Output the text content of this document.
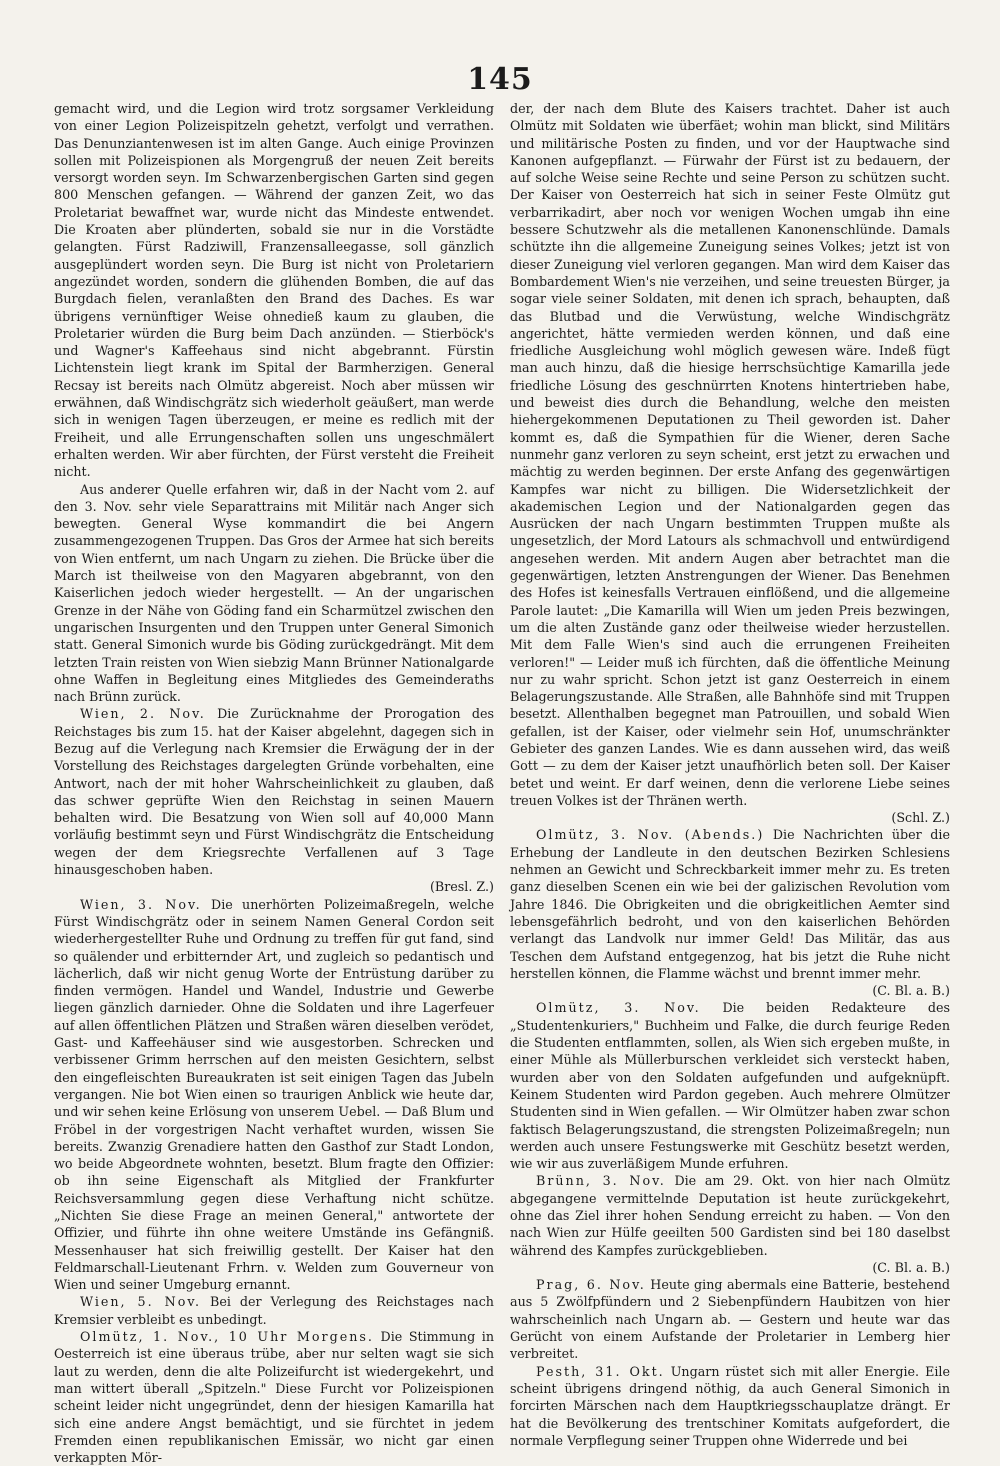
145

gemacht wird, und die Legion wird trotz sorgsamer Verkleidung von einer Legion Polizeispitzeln gehetzt, verfolgt und verrathen. Das Denunziantenwesen ist im alten Gange. Auch einige Provinzen sollen mit Polizeispionen als Morgengruß der neuen Zeit bereits versorgt worden seyn. Im Schwarzenbergischen Garten sind gegen 800 Menschen gefangen. — Während der ganzen Zeit, wo das Proletariat bewaffnet war, wurde nicht das Mindeste entwendet. Die Kroaten aber plünderten, sobald sie nur in die Vorstädte gelangten. Fürst Radziwill, Franzensalleegasse, soll gänzlich ausgeplündert worden seyn. Die Burg ist nicht von Proletariern angezündet worden, sondern die glühenden Bomben, die auf das Burgdach fielen, veranlaßten den Brand des Daches. Es war übrigens vernünftiger Weise ohnedieß kaum zu glauben, die Proletarier würden die Burg beim Dach anzünden. — Stierböck's und Wagner's Kaffeehaus sind nicht abgebrannt. Fürstin Lichtenstein liegt krank im Spital der Barmherzigen. General Recsay ist bereits nach Olmütz abgereist. Noch aber müssen wir erwähnen, daß Windischgrätz sich wiederholt geäußert, man werde sich in wenigen Tagen überzeugen, er meine es redlich mit der Freiheit, und alle Errungenschaften sollen uns ungeschmälert erhalten werden. Wir aber fürchten, der Fürst versteht die Freiheit nicht.

Aus anderer Quelle erfahren wir, daß in der Nacht vom 2. auf den 3. Nov. sehr viele Separattrains mit Militär nach Anger sich bewegten. General Wyse kommandirt die bei Angern zusammengezogenen Truppen. Das Gros der Armee hat sich bereits von Wien entfernt, um nach Ungarn zu ziehen. Die Brücke über die March ist theilweise von den Magyaren abgebrannt, von den Kaiserlichen jedoch wieder hergestellt. — An der ungarischen Grenze in der Nähe von Göding fand ein Scharmützel zwischen den ungarischen Insurgenten und den Truppen unter General Simonich statt. General Simonich wurde bis Göding zurückgedrängt. Mit dem letzten Train reisten von Wien siebzig Mann Brünner Nationalgarde ohne Waffen in Begleitung eines Mitgliedes des Gemeinderaths nach Brünn zurück.

Wien, 2. Nov. Die Zurücknahme der Prorogation des Reichstages bis zum 15. hat der Kaiser abgelehnt, dagegen sich in Bezug auf die Verlegung nach Kremsier die Erwägung der in der Vorstellung des Reichstages dargelegten Gründe vorbehalten, eine Antwort, nach der mit hoher Wahrscheinlichkeit zu glauben, daß das schwer geprüfte Wien den Reichstag in seinen Mauern behalten wird. Die Besatzung von Wien soll auf 40,000 Mann vorläufig bestimmt seyn und Fürst Windischgrätz die Entscheidung wegen der dem Kriegsrechte Verfallenen auf 3 Tage hinausgeschoben haben.
(Bresl. Z.)

Wien, 3. Nov. Die unerhörten Polizeimaßregeln, welche Fürst Windischgrätz oder in seinem Namen General Cordon seit wiederhergestellter Ruhe und Ordnung zu treffen für gut fand, sind so quälender und erbitternder Art, und zugleich so pedantisch und lächerlich, daß wir nicht genug Worte der Entrüstung darüber zu finden vermögen. Handel und Wandel, Industrie und Gewerbe liegen gänzlich darnieder. Ohne die Soldaten und ihre Lagerfeuer auf allen öffentlichen Plätzen und Straßen wären dieselben verödet, Gast- und Kaffeehäuser sind wie ausgestorben. Schrecken und verbissener Grimm herrschen auf den meisten Gesichtern, selbst den eingefleischten Bureaukraten ist seit einigen Tagen das Jubeln vergangen. Nie bot Wien einen so traurigen Anblick wie heute dar, und wir sehen keine Erlösung von unserem Uebel. — Daß Blum und Fröbel in der vorgestrigen Nacht verhaftet wurden, wissen Sie bereits. Zwanzig Grenadiere hatten den Gasthof zur Stadt London, wo beide Abgeordnete wohnten, besetzt. Blum fragte den Offizier: ob ihn seine Eigenschaft als Mitglied der Frankfurter Reichsversammlung gegen diese Verhaftung nicht schütze. „Nichten Sie diese Frage an meinen General," antwortete der Offizier, und führte ihn ohne weitere Umstände ins Gefängniß. Messenhauser hat sich freiwillig gestellt. Der Kaiser hat den Feldmarschall-Lieutenant Frhrn. v. Welden zum Gouverneur von Wien und seiner Umgeburg ernannt.

Wien, 5. Nov. Bei der Verlegung des Reichstages nach Kremsier verbleibt es unbedingt.

Olmütz, 1. Nov., 10 Uhr Morgens. Die Stimmung in Oesterreich ist eine überaus trübe, aber nur selten wagt sie sich laut zu werden, denn die alte Polizeifurcht ist wiedergekehrt, und man wittert überall „Spitzeln." Diese Furcht vor Polizeispionen scheint leider nicht ungegründet, denn der hiesigen Kamarilla hat sich eine andere Angst bemächtigt, und sie fürchtet in jedem Fremden einen republikanischen Emissär, wo nicht gar einen verkappten Mör-

der, der nach dem Blute des Kaisers trachtet. Daher ist auch Olmütz mit Soldaten wie überfäet; wohin man blickt, sind Militärs und militärische Posten zu finden, und vor der Hauptwache sind Kanonen aufgepflanzt. — Fürwahr der Fürst ist zu bedauern, der auf solche Weise seine Rechte und seine Person zu schützen sucht. Der Kaiser von Oesterreich hat sich in seiner Feste Olmütz gut verbarrikadirt, aber noch vor wenigen Wochen umgab ihn eine bessere Schutzwehr als die metallenen Kanonenschlünde. Damals schützte ihn die allgemeine Zuneigung seines Volkes; jetzt ist von dieser Zuneigung viel verloren gegangen. Man wird dem Kaiser das Bombardement Wien's nie verzeihen, und seine treuesten Bürger, ja sogar viele seiner Soldaten, mit denen ich sprach, behaupten, daß das Blutbad und die Verwüstung, welche Windischgrätz angerichtet, hätte vermieden werden können, und daß eine friedliche Ausgleichung wohl möglich gewesen wäre. Indeß fügt man auch hinzu, daß die hiesige herrschsüchtige Kamarilla jede friedliche Lösung des geschnürrten Knotens hintertrieben habe, und beweist dies durch die Behandlung, welche den meisten hiehergekommenen Deputationen zu Theil geworden ist. Daher kommt es, daß die Sympathien für die Wiener, deren Sache nunmehr ganz verloren zu seyn scheint, erst jetzt zu erwachen und mächtig zu werden beginnen. Der erste Anfang des gegenwärtigen Kampfes war nicht zu billigen. Die Widersetzlichkeit der akademischen Legion und der Nationalgarden gegen das Ausrücken der nach Ungarn bestimmten Truppen mußte als ungesetzlich, der Mord Latours als schmachvoll und entwürdigend angesehen werden. Mit andern Augen aber betrachtet man die gegenwärtigen, letzten Anstrengungen der Wiener. Das Benehmen des Hofes ist keinesfalls Vertrauen einflößend, und die allgemeine Parole lautet: „Die Kamarilla will Wien um jeden Preis bezwingen, um die alten Zustände ganz oder theilweise wieder herzustellen. Mit dem Falle Wien's sind auch die errungenen Freiheiten verloren!" — Leider muß ich fürchten, daß die öffentliche Meinung nur zu wahr spricht. Schon jetzt ist ganz Oesterreich in einem Belagerungszustande. Alle Straßen, alle Bahnhöfe sind mit Truppen besetzt. Allenthalben begegnet man Patrouillen, und sobald Wien gefallen, ist der Kaiser, oder vielmehr sein Hof, unumschränkter Gebieter des ganzen Landes. Wie es dann aussehen wird, das weiß Gott — zu dem der Kaiser jetzt unaufhörlich beten soll. Der Kaiser betet und weint. Er darf weinen, denn die verlorene Liebe seines treuen Volkes ist der Thränen werth.
(Schl. Z.)

Olmütz, 3. Nov. (Abends.) Die Nachrichten über die Erhebung der Landleute in den deutschen Bezirken Schlesiens nehmen an Gewicht und Schreckbarkeit immer mehr zu. Es treten ganz dieselben Scenen ein wie bei der galizischen Revolution vom Jahre 1846. Die Obrigkeiten und die obrigkeitlichen Aemter sind lebensgefährlich bedroht, und von den kaiserlichen Behörden verlangt das Landvolk nur immer Geld! Das Militär, das aus Teschen dem Aufstand entgegenzog, hat bis jetzt die Ruhe nicht herstellen können, die Flamme wächst und brennt immer mehr.
(C. Bl. a. B.)

Olmütz, 3. Nov. Die beiden Redakteure des „Studentenkuriers," Buchheim und Falke, die durch feurige Reden die Studenten entflammten, sollen, als Wien sich ergeben mußte, in einer Mühle als Müllerburschen verkleidet sich versteckt haben, wurden aber von den Soldaten aufgefunden und aufgeknüpft. Keinem Studenten wird Pardon gegeben. Auch mehrere Olmützer Studenten sind in Wien gefallen. — Wir Olmützer haben zwar schon faktisch Belagerungszustand, die strengsten Polizeimaßregeln; nun werden auch unsere Festungswerke mit Geschütz besetzt werden, wie wir aus zuverläßigem Munde erfuhren.

Brünn, 3. Nov. Die am 29. Okt. von hier nach Olmütz abgegangene vermittelnde Deputation ist heute zurückgekehrt, ohne das Ziel ihrer hohen Sendung erreicht zu haben. — Von den nach Wien zur Hülfe geeilten 500 Gardisten sind bei 180 daselbst während des Kampfes zurückgeblieben.
(C. Bl. a. B.)

Prag, 6. Nov. Heute ging abermals eine Batterie, bestehend aus 5 Zwölfpfündern und 2 Siebenpfündern Haubitzen von hier wahrscheinlich nach Ungarn ab. — Gestern und heute war das Gerücht von einem Aufstande der Proletarier in Lemberg hier verbreitet.

Pesth, 31. Okt. Ungarn rüstet sich mit aller Energie. Eile scheint übrigens dringend nöthig, da auch General Simonich in forcirten Märschen nach dem Hauptkriegsschauplatze drängt. Er hat die Bevölkerung des trentschiner Komitats aufgefordert, die normale Verpflegung seiner Truppen ohne Widerrede und bei
